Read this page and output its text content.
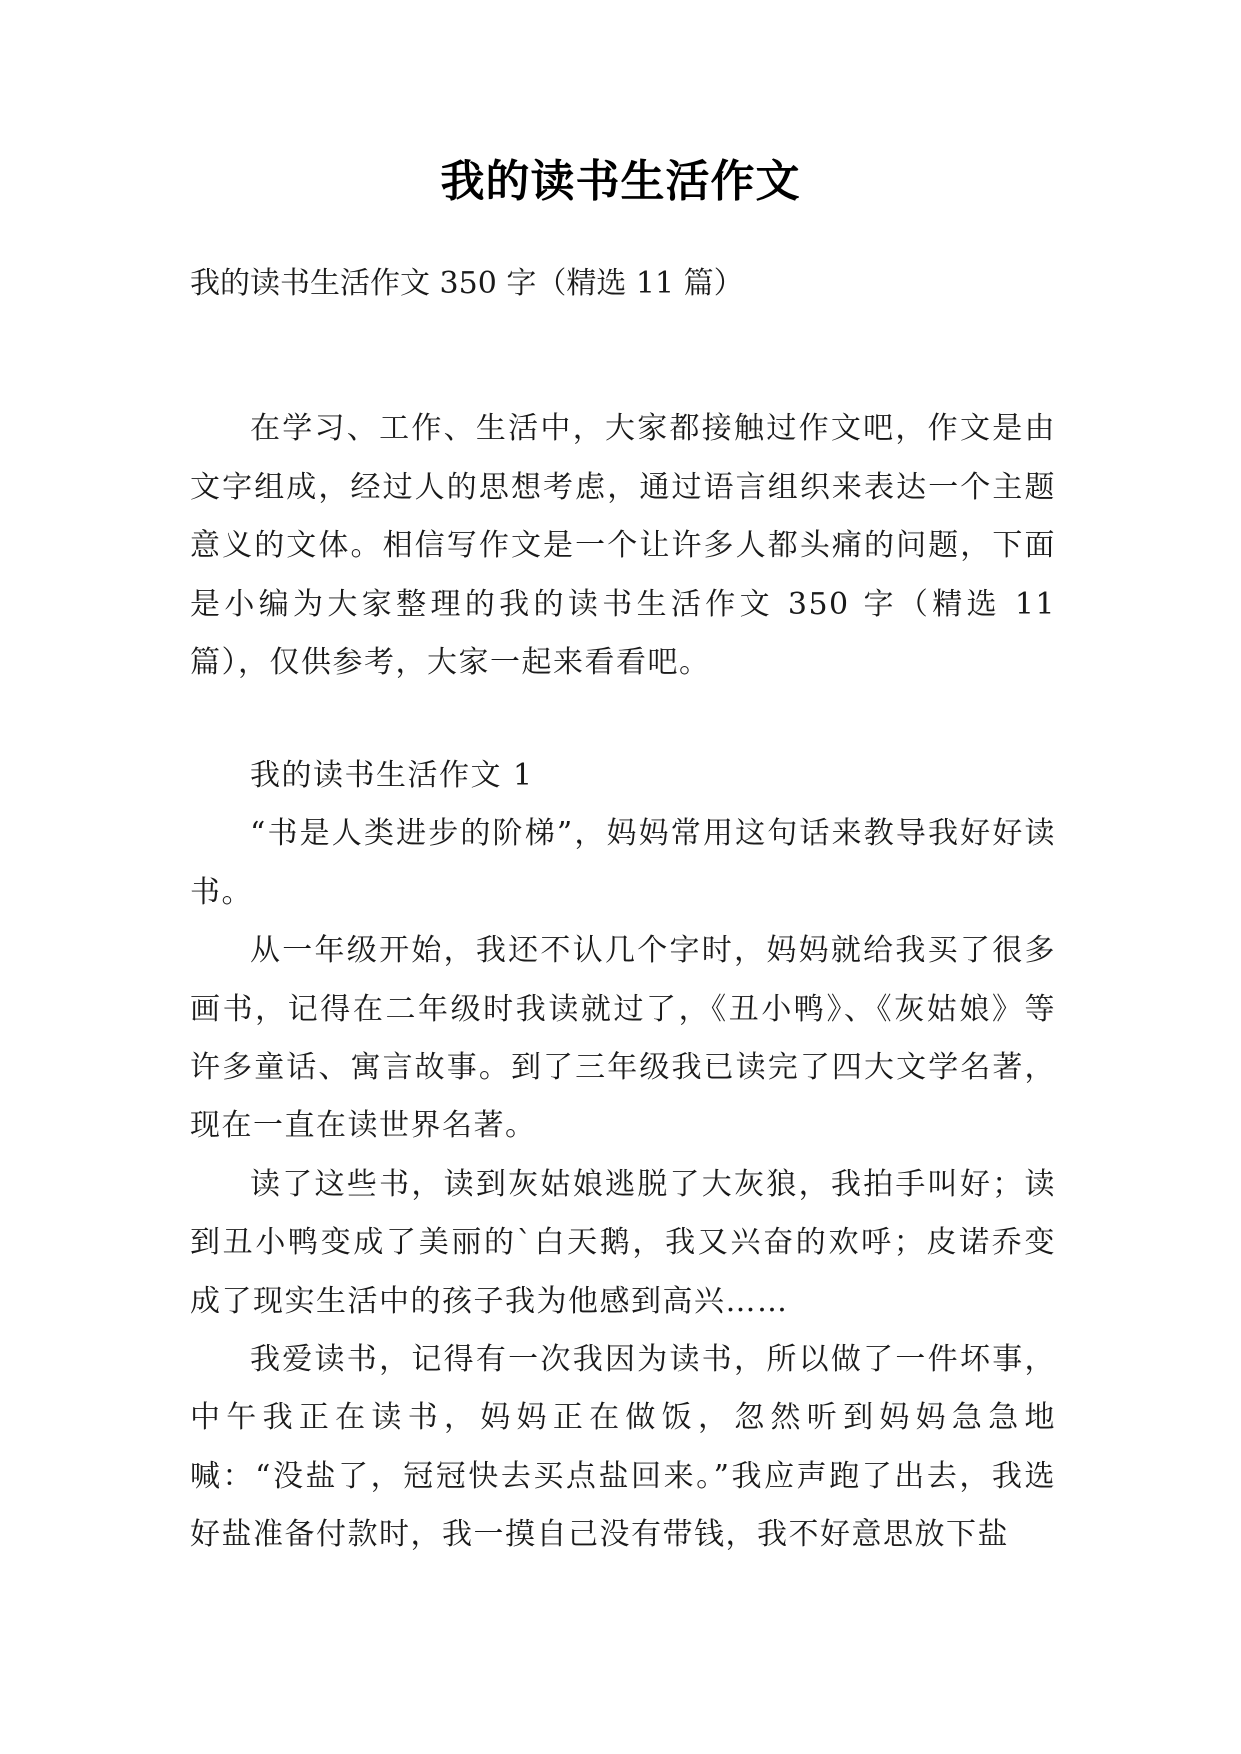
我的读书生活作文
我的读书生活作文 350 字（精选 11 篇）

在学习、工作、生活中，大家都接触过作文吧，作文是由文字组成，经过人的思想考虑，通过语言组织来表达一个主题意义的文体。相信写作文是一个让许多人都头痛的问题，下面是小编为大家整理的我的读书生活作文 350 字（精选 11 篇），仅供参考，大家一起来看看吧。

我的读书生活作文 1

“书是人类进步的阶梯”，妈妈常用这句话来教导我好好读书。

从一年级开始，我还不认几个字时，妈妈就给我买了很多画书，记得在二年级时我读就过了，《丑小鸭》、《灰姑娘》等许多童话、寓言故事。到了三年级我已读完了四大文学名著，现在一直在读世界名著。

读了这些书，读到灰姑娘逃脱了大灰狼，我拍手叫好；读到丑小鸭变成了美丽的`白天鹅，我又兴奋的欢呼；皮诺乔变成了现实生活中的孩子我为他感到高兴……

我爱读书，记得有一次我因为读书，所以做了一件坏事，中午我正在读书，妈妈正在做饭，忽然听到妈妈急急地喊：“没盐了，冠冠快去买点盐回来。”我应声跑了出去，我选好盐准备付款时，我一摸自己没有带钱，我不好意思放下盐
